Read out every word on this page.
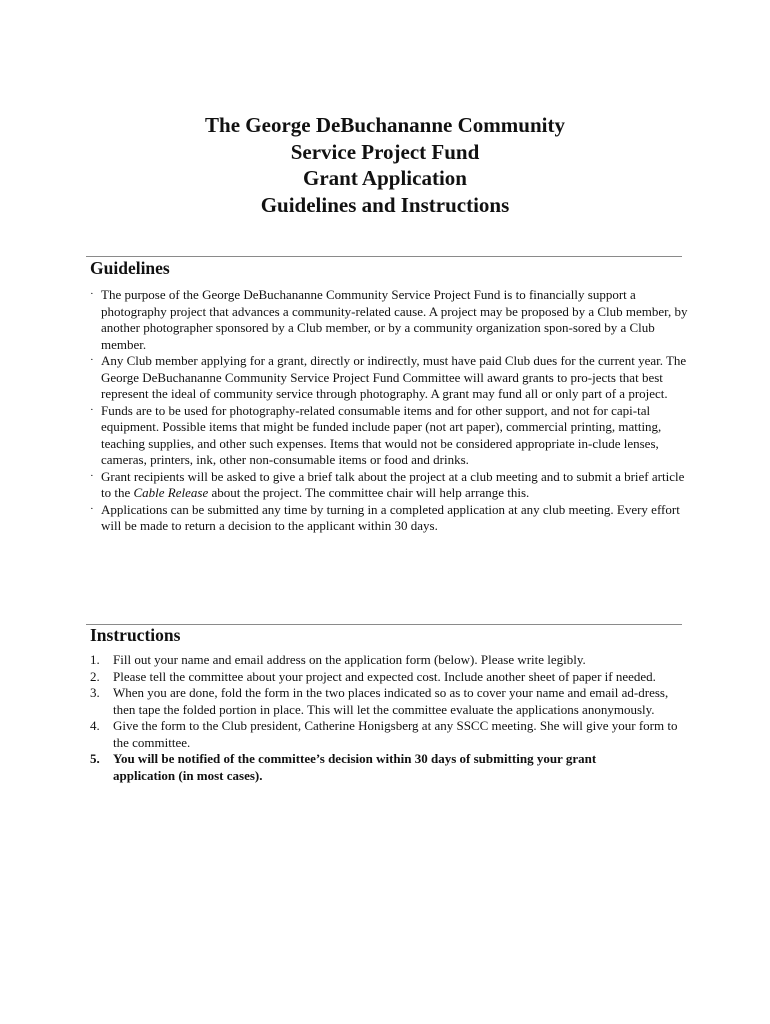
The George DeBuchananne Community
Service Project Fund
Grant Application
Guidelines and Instructions
Guidelines
· The purpose of the George DeBuchananne Community Service Project Fund is to financially support a photography project that advances a community-related cause. A project may be proposed by a Club member, by another photographer sponsored by a Club member, or by a community organization spon-sored by a Club member.
· Any Club member applying for a grant, directly or indirectly, must have paid Club dues for the current year. The George DeBuchananne Community Service Project Fund Committee will award grants to pro-jects that best represent the ideal of community service through photography. A grant may fund all or only part of a project.
· Funds are to be used for photography-related consumable items and for other support, and not for capi-tal equipment. Possible items that might be funded include paper (not art paper), commercial printing, matting, teaching supplies, and other such expenses. Items that would not be considered appropriate in-clude lenses, cameras, printers, ink, other non-consumable items or food and drinks.
· Grant recipients will be asked to give a brief talk about the project at a club meeting and to submit a brief article to the Cable Release about the project. The committee chair will help arrange this.
· Applications can be submitted any time by turning in a completed application at any club meeting. Every effort will be made to return a decision to the applicant within 30 days.
Instructions
1. Fill out your name and email address on the application form (below). Please write legibly.
2. Please tell the committee about your project and expected cost. Include another sheet of paper if needed.
3. When you are done, fold the form in the two places indicated so as to cover your name and email ad-dress, then tape the folded portion in place. This will let the committee evaluate the applications anonymously.
4. Give the form to the Club president, Catherine Honigsberg at any SSCC meeting. She will give your form to the committee.
5. You will be notified of the committee’s decision within 30 days of submitting your grant application (in most cases).
